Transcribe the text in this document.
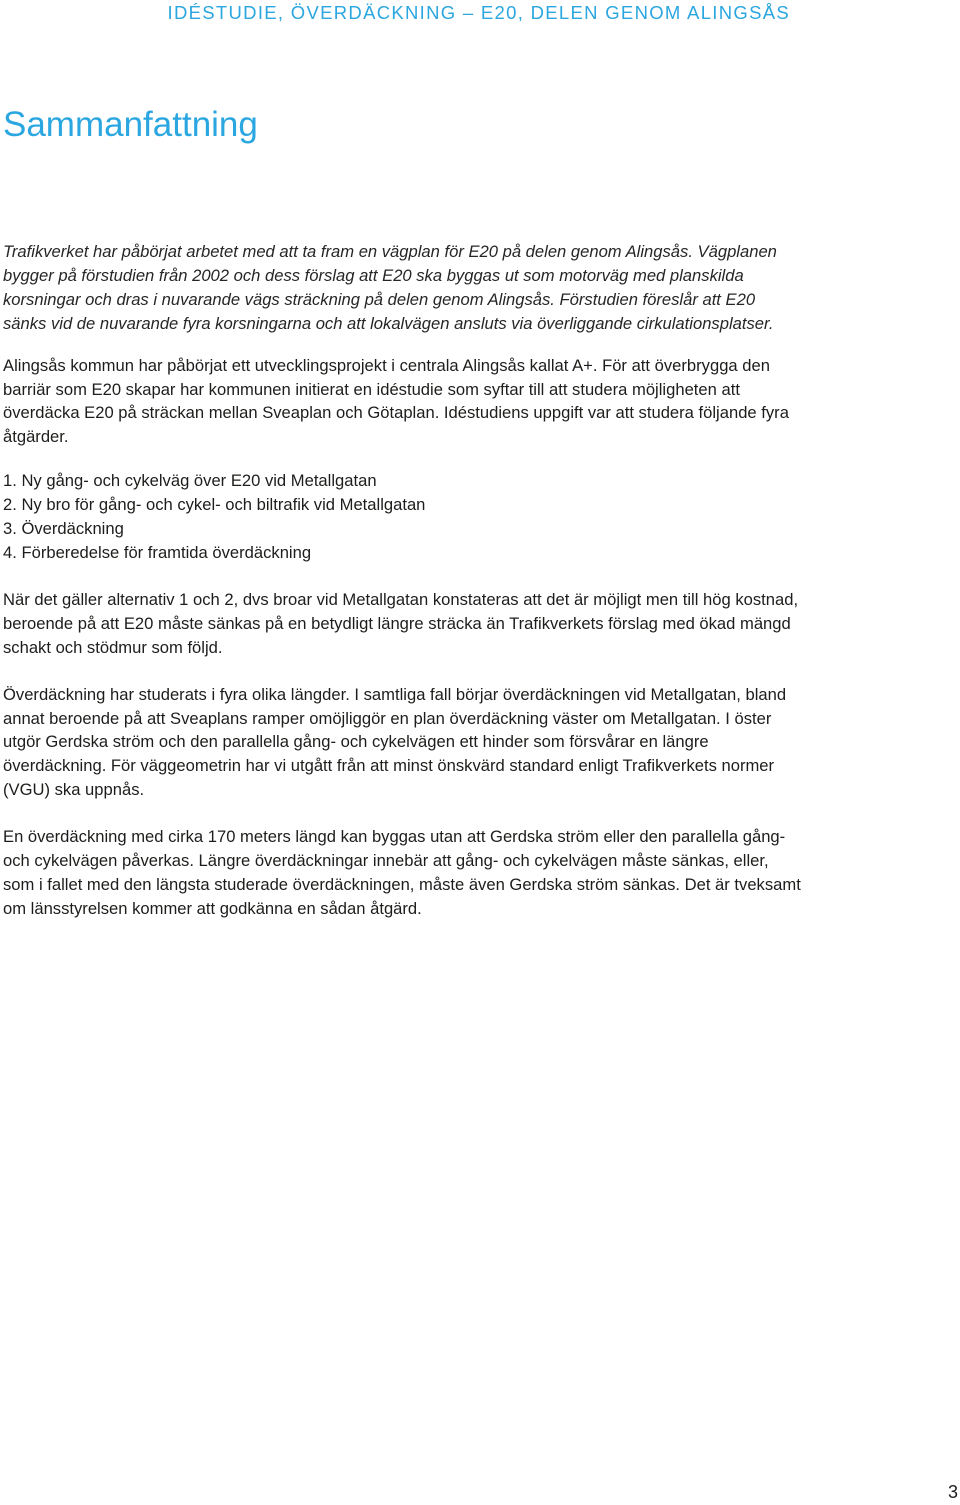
IDÉSTUDIE, ÖVERDÄCKNING – E20, DELEN GENOM ALINGSÅS
Sammanfattning

Trafikverket har påbörjat arbetet med att ta fram en vägplan för E20 på delen genom Alingsås. Vägplanen bygger på förstudien från 2002 och dess förslag att E20 ska byggas ut som motorväg med planskilda korsningar och dras i nuvarande vägs sträckning på delen genom Alingsås. Förstudien föreslår att E20 sänks vid de nuvarande fyra korsningarna och att lokalvägen ansluts via överliggande cirkulationsplatser.

Alingsås kommun har påbörjat ett utvecklingsprojekt i centrala Alingsås kallat A+. För att överbrygga den barriär som E20 skapar har kommunen initierat en idéstudie som syftar till att studera möjligheten att överdäcka E20 på sträckan mellan Sveaplan och Götaplan. Idéstudiens uppgift var att studera följande fyra åtgärder.

1. Ny gång- och cykelväg över E20 vid Metallgatan
2. Ny bro för gång- och cykel- och biltrafik vid Metallgatan
3. Överdäckning
4. Förberedelse för framtida överdäckning

När det gäller alternativ 1 och 2, dvs broar vid Metallgatan konstateras att det är möjligt men till hög kostnad, beroende på att E20 måste sänkas på en betydligt längre sträcka än Trafikverkets förslag med ökad mängd schakt och stödmur som följd.

Överdäckning har studerats i fyra olika längder. I samtliga fall börjar överdäckningen vid Metallgatan, bland annat beroende på att Sveaplans ramper omöjliggör en plan överdäckning väster om Metallgatan. I öster utgör Gerdska ström och den parallella gång- och cykelvägen ett hinder som försvårar en längre överdäckning. För väggeometrin har vi utgått från att minst önskvärd standard enligt Trafikverkets normer (VGU) ska uppnås.

En överdäckning med cirka 170 meters längd kan byggas utan att Gerdska ström eller den parallella gång- och cykelvägen påverkas. Längre överdäckningar innebär att gång- och cykelvägen måste sänkas, eller, som i fallet med den längsta studerade överdäckningen, måste även Gerdska ström sänkas. Det är tveksamt om länsstyrelsen kommer att godkänna en sådan åtgärd.

3
